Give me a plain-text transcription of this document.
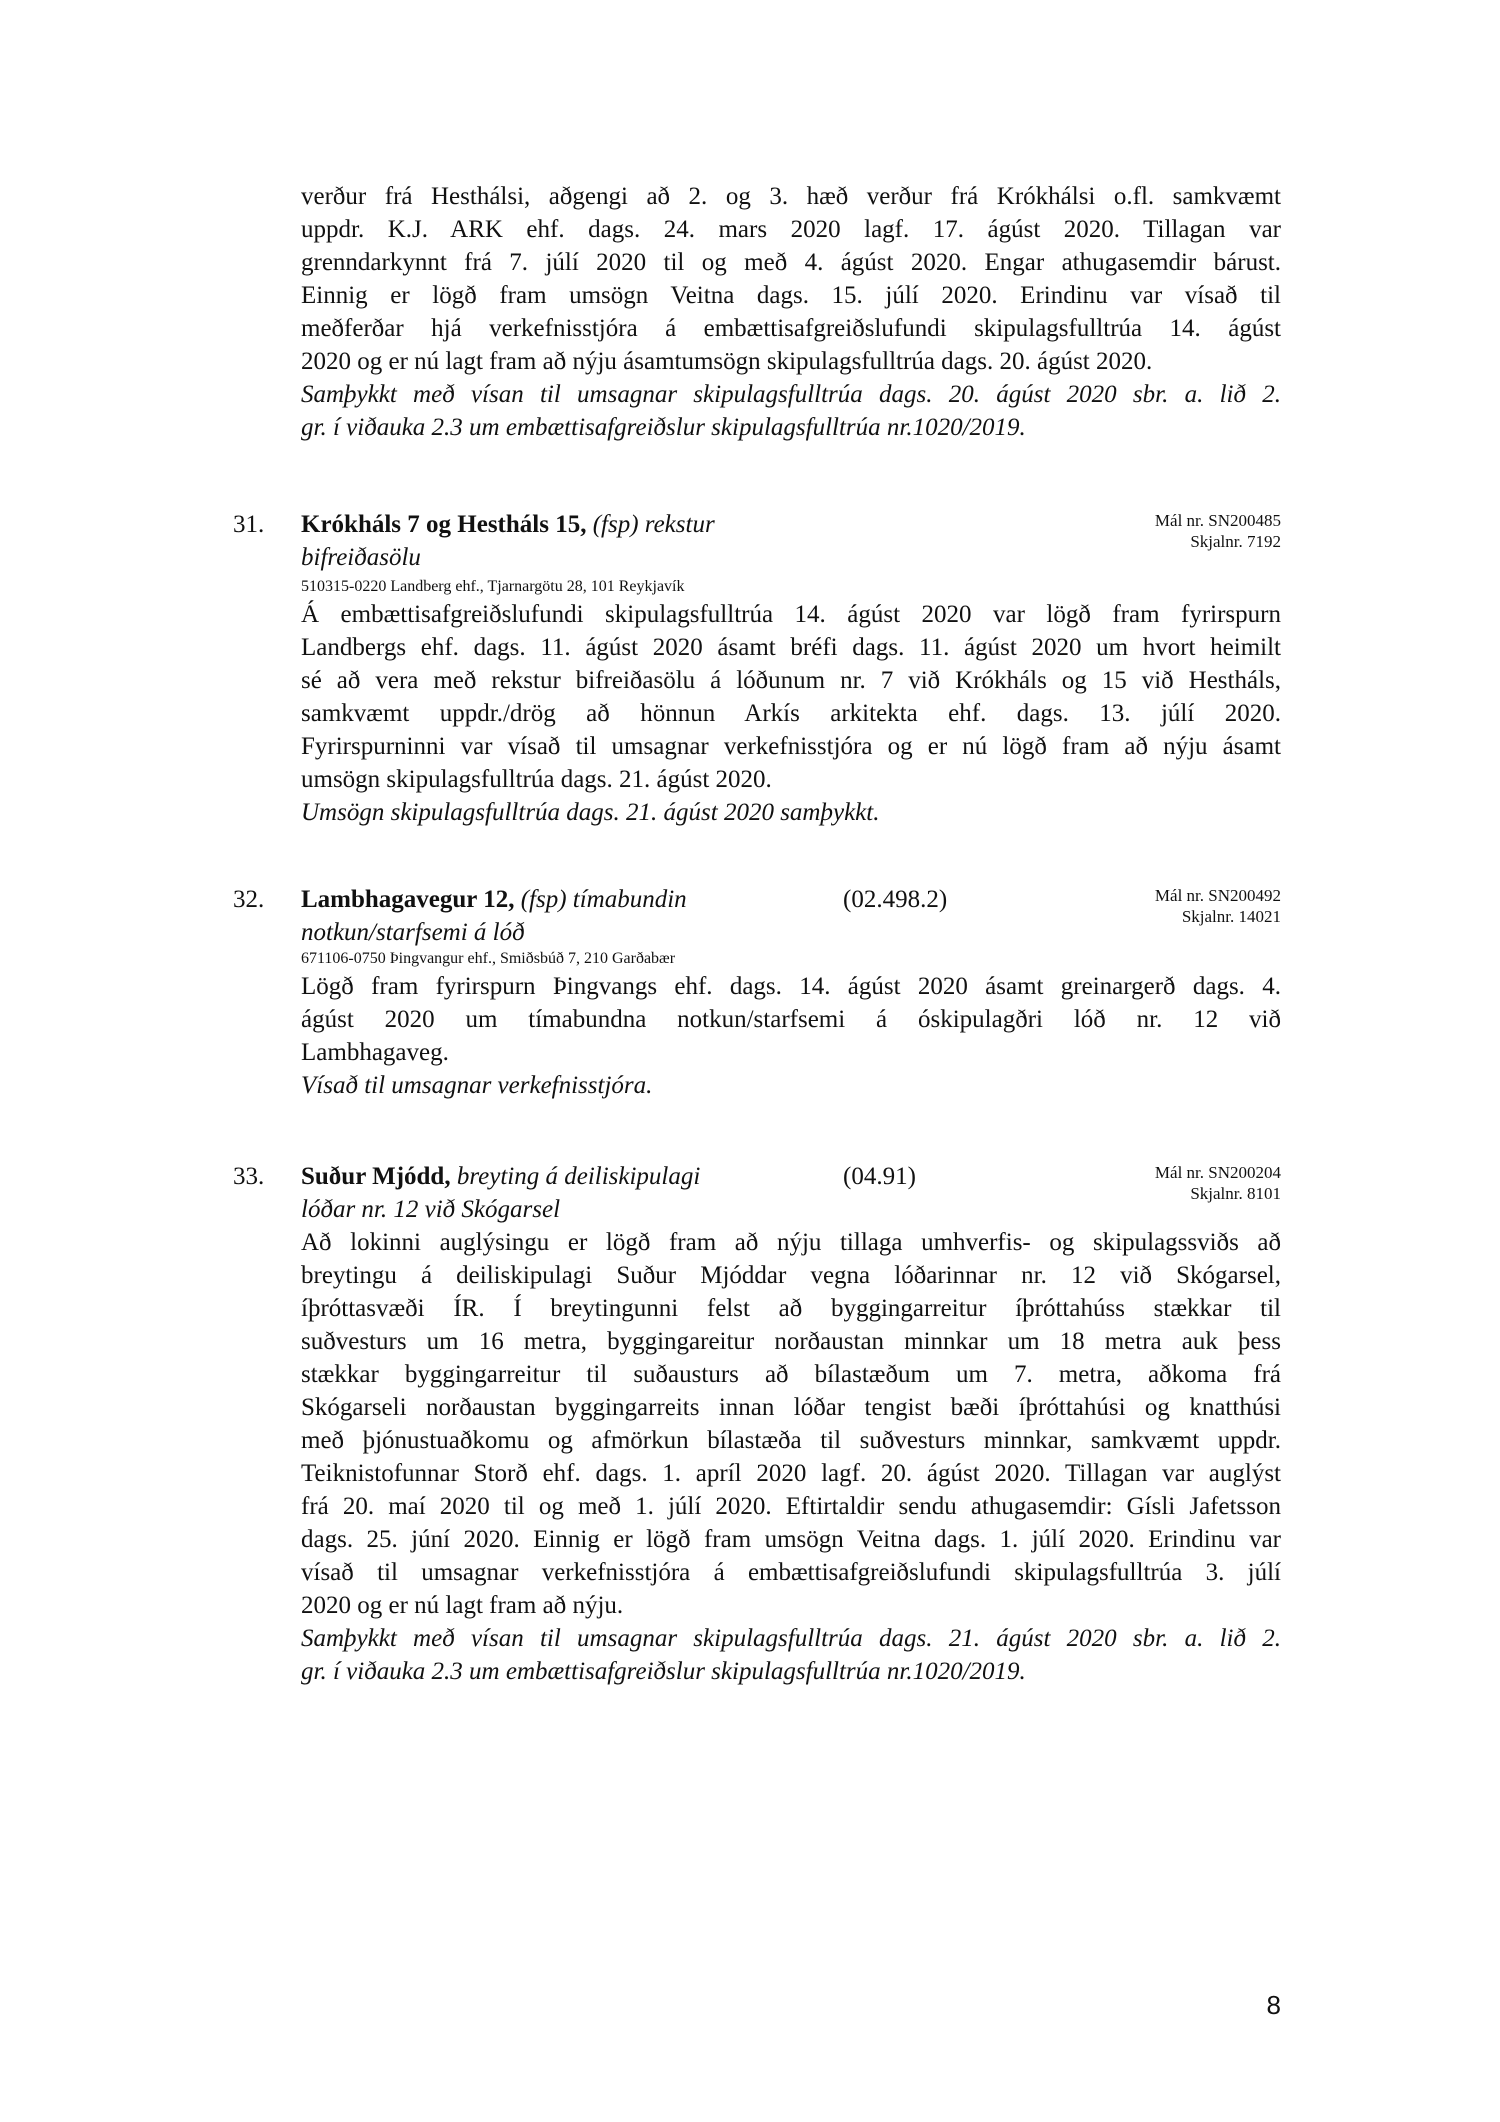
verður frá Hesthálsi, aðgengi að 2. og 3. hæð verður frá Krókhálsi o.fl. samkvæmt
uppdr. K.J. ARK ehf. dags. 24. mars 2020 lagf. 17. ágúst 2020. Tillagan var
grenndarkynnt frá 7. júlí 2020 til og með 4. ágúst 2020. Engar athugasemdir bárust.
Einnig er lögð fram umsögn Veitna dags. 15. júlí 2020. Erindinu var vísað til
meðferðar hjá verkefnisstjóra á embættisafgreiðslufundi skipulagsfulltrúa 14. ágúst
2020 og er nú lagt fram að nýju ásamtumsögn skipulagsfulltrúa dags. 20. ágúst 2020.
Samþykkt með vísan til umsagnar skipulagsfulltrúa dags. 20. ágúst 2020 sbr. a. lið 2.
gr. í viðauka 2.3 um embættisafgreiðslur skipulagsfulltrúa nr.1020/2019.
31. Krókháls 7 og Hestháls 15, (fsp) rekstur
bifreiðasölu
Mál nr. SN200485
Skjalnr. 7192
510315-0220 Landberg ehf., Tjarnargötu 28, 101 Reykjavík
Á embættisafgreiðslufundi skipulagsfulltrúa 14. ágúst 2020 var lögð fram fyrirspurn
Landbergs ehf. dags. 11. ágúst 2020 ásamt bréfi dags. 11. ágúst 2020 um hvort heimilt
sé að vera með rekstur bifreiðasölu á lóðunum nr. 7 við Krókháls og 15 við Hestháls,
samkvæmt uppdr./drög að hönnun Arkís arkitekta ehf. dags. 13. júlí 2020.
Fyrirspurninni var vísað til umsagnar verkefnisstjóra og er nú lögð fram að nýju ásamt
umsögn skipulagsfulltrúa dags. 21. ágúst 2020.
Umsögn skipulagsfulltrúa dags. 21. ágúst 2020 samþykkt.
32. Lambhagavegur 12, (fsp) tímabundin
notkun/starfsemi á lóð
(02.498.2)	Mál nr. SN200492
Skjalnr. 14021
671106-0750 Þingvangur ehf., Smiðsbúð 7, 210 Garðabær
Lögð fram fyrirspurn Þingvangs ehf. dags. 14. ágúst 2020 ásamt greinargerð dags. 4.
ágúst 2020 um tímabundna notkun/starfsemi á óskipulagðri lóð nr. 12 við
Lambhagaveg.
Vísað til umsagnar verkefnisstjóra.
33. Suður Mjódd, breyting á deiliskipulagi
lóðar nr. 12 við Skógarsel
(04.91)	Mál nr. SN200204
Skjalnr. 8101
Að lokinni auglýsingu er lögð fram að nýju tillaga umhverfis- og skipulagssviðs að
breytingu á deiliskipulagi Suður Mjóddar vegna lóðarinnar nr. 12 við Skógarsel,
íþróttasvæði ÍR. Í breytingunni felst að byggingarreitur íþróttahúss stækkar til
suðvesturs um 16 metra, byggingareitur norðaustan minnkar um 18 metra auk þess
stækkar byggingarreitur til suðausturs að bílastæðum um 7. metra, aðkoma frá
Skógarseli norðaustan byggingarreits innan lóðar tengist bæði íþróttahúsi og knatthúsi
með þjónustuaðkomu og afmörkun bílastæða til suðvesturs minnkar, samkvæmt uppdr.
Teiknistofunnar Storð ehf. dags. 1. apríl 2020 lagf. 20. ágúst 2020. Tillagan var auglýst
frá 20. maí 2020 til og með 1. júlí 2020. Eftirtaldir sendu athugasemdir: Gísli Jafetsson
dags. 25. júní 2020. Einnig er lögð fram umsögn Veitna dags. 1. júlí 2020. Erindinu var
vísað til umsagnar verkefnisstjóra á embættisafgreiðslufundi skipulagsfulltrúa 3. júlí
2020 og er nú lagt fram að nýju.
Samþykkt með vísan til umsagnar skipulagsfulltrúa dags. 21. ágúst 2020 sbr. a. lið 2.
gr. í viðauka 2.3 um embættisafgreiðslur skipulagsfulltrúa nr.1020/2019.
8
